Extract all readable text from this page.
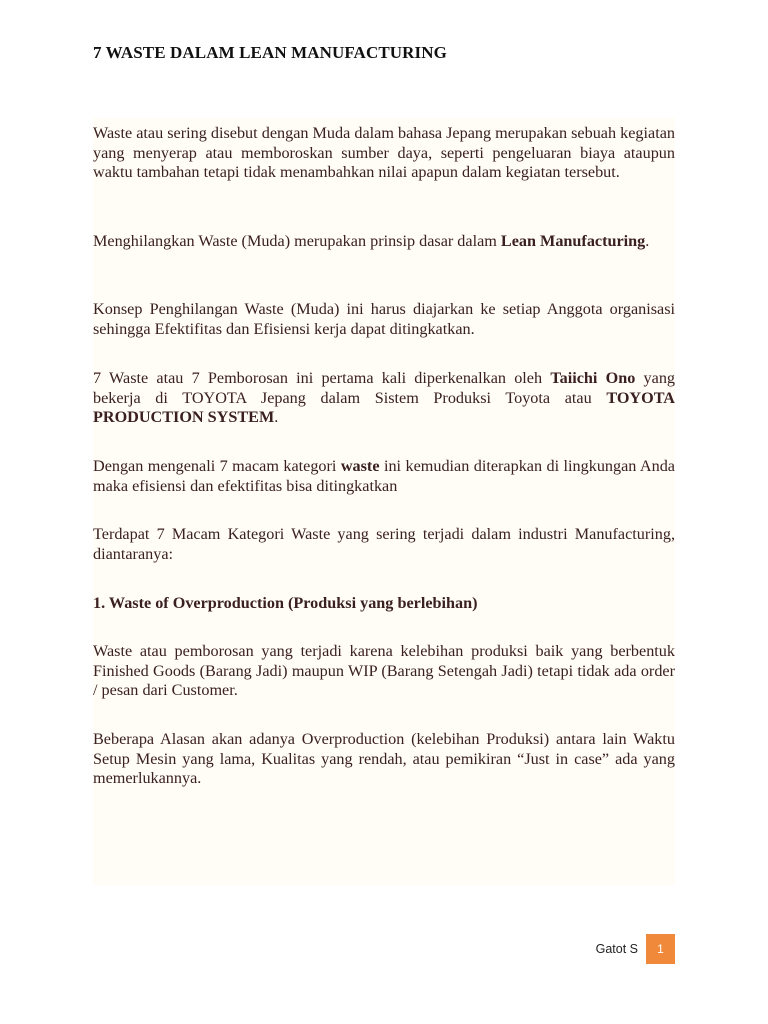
7 WASTE DALAM LEAN MANUFACTURING

Waste atau sering disebut dengan Muda dalam bahasa Jepang merupakan sebuah kegiatan yang menyerap atau memboroskan sumber daya, seperti pengeluaran biaya ataupun waktu tambahan tetapi tidak menambahkan nilai apapun dalam kegiatan tersebut.

Menghilangkan Waste (Muda) merupakan prinsip dasar dalam Lean Manufacturing.

Konsep Penghilangan Waste (Muda) ini harus diajarkan ke setiap Anggota organisasi sehingga Efektifitas dan Efisiensi kerja dapat ditingkatkan.

7 Waste atau 7 Pemborosan ini pertama kali diperkenalkan oleh Taiichi Ono yang bekerja di TOYOTA Jepang dalam Sistem Produksi Toyota atau TOYOTA PRODUCTION SYSTEM.

Dengan mengenali 7 macam kategori waste ini kemudian diterapkan di lingkungan Anda maka efisiensi dan efektifitas bisa ditingkatkan

Terdapat 7 Macam Kategori Waste yang sering terjadi dalam industri Manufacturing, diantaranya:

1. Waste of Overproduction (Produksi yang berlebihan)

Waste atau pemborosan yang terjadi karena kelebihan produksi baik yang berbentuk Finished Goods (Barang Jadi) maupun WIP (Barang Setengah Jadi) tetapi tidak ada order / pesan dari Customer.

Beberapa Alasan akan adanya Overproduction (kelebihan Produksi) antara lain Waktu Setup Mesin yang lama, Kualitas yang rendah, atau pemikiran “Just in case” ada yang memerlukannya.

Gatot S	1
